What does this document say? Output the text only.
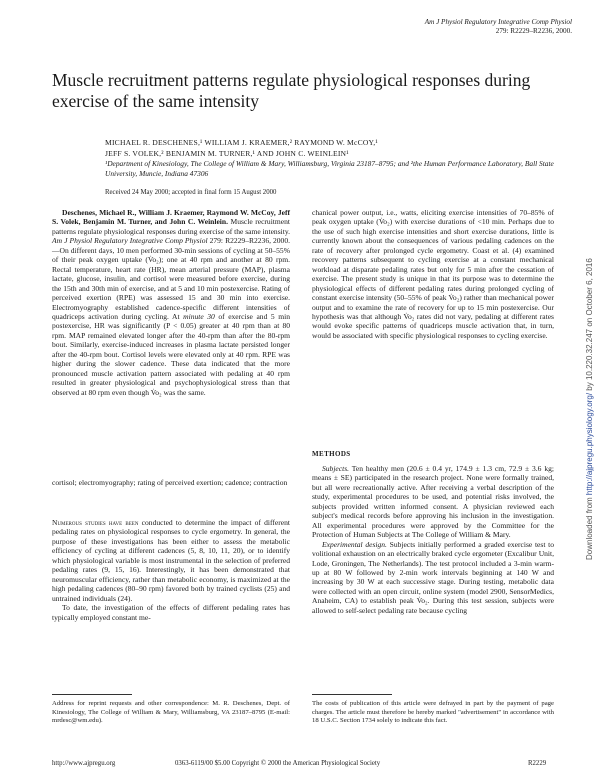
Am J Physiol Regulatory Integrative Comp Physiol
279: R2229–R2236, 2000.
Muscle recruitment patterns regulate physiological responses during exercise of the same intensity
MICHAEL R. DESCHENES,¹ WILLIAM J. KRAEMER,² RAYMOND W. McCOY,¹
JEFF S. VOLEK,² BENJAMIN M. TURNER,¹ AND JOHN C. WEINLEIN¹
¹Department of Kinesiology, The College of William & Mary, Williamsburg, Virginia 23187–8795; and ²the Human Performance Laboratory, Ball State University, Muncie, Indiana 47306
Received 24 May 2000; accepted in final form 15 August 2000

Deschenes, Michael R., William J. Kraemer, Raymond W. McCoy, Jeff S. Volek, Benjamin M. Turner, and John C. Weinlein. Muscle recruitment patterns regulate physiological responses during exercise of the same intensity. Am J Physiol Regulatory Integrative Comp Physiol 279: R2229–R2236, 2000.—On different days, 10 men performed 30-min sessions of cycling at 50–55% of their peak oxygen uptake (V̇o₂); one at 40 rpm and another at 80 rpm. Rectal temperature, heart rate (HR), mean arterial pressure (MAP), plasma lactate, glucose, insulin, and cortisol were measured before exercise, during the 15th and 30th min of exercise, and at 5 and 10 min postexercise. Rating of perceived exertion (RPE) was assessed 15 and 30 min into exercise. Electromyography established cadence-specific different intensities of quadriceps activation during cycling. At minute 30 of exercise and 5 min postexercise, HR was significantly (P < 0.05) greater at 40 rpm than at 80 rpm. MAP remained elevated longer after the 40-rpm than after the 80-rpm bout. Similarly, exercise-induced increases in plasma lactate persisted longer after the 40-rpm bout. Cortisol levels were elevated only at 40 rpm. RPE was higher during the slower cadence. These data indicated that the more pronounced muscle activation pattern associated with pedaling at 40 rpm resulted in greater physiological and psychophysiological stress than that observed at 80 rpm even though V̇o₂ was the same.

cortisol; electromyography; rating of perceived exertion; cadence; contraction

Numerous studies have been conducted to determine the impact of different pedaling rates on physiological responses to cycle ergometry. In general, the purpose of these investigations has been either to assess the metabolic efficiency of cycling at different cadences (5, 8, 10, 11, 20), or to identify which physiological variable is most instrumental in the selection of preferred pedaling rates (9, 15, 16). Interestingly, it has been demonstrated that neuromuscular efficiency, rather than metabolic economy, is maximized at the high pedaling cadences (80–90 rpm) favored both by trained cyclists (25) and untrained individuals (24).

To date, the investigation of the effects of different pedaling rates has typically employed constant me-

chanical power output, i.e., watts, eliciting exercise intensities of 70–85% of peak oxygen uptake (V̇o₂) with exercise durations of <10 min. Perhaps due to the use of such high exercise intensities and short exercise durations, little is currently known about the consequences of various pedaling cadences on the rate of recovery after prolonged cycle ergometry. Coast et al. (4) examined recovery patterns subsequent to cycling exercise at a constant mechanical workload at disparate pedaling rates but only for 5 min after the cessation of exercise. The present study is unique in that its purpose was to determine the physiological effects of different pedaling rates during prolonged cycling of constant exercise intensity (50–55% of peak V̇o₂) rather than mechanical power output and to examine the rate of recovery for up to 15 min postexercise. Our hypothesis was that although V̇o₂ rates did not vary, pedaling at different rates would evoke specific patterns of quadriceps muscle activation that, in turn, would be associated with specific physiological responses to cycling exercise.

METHODS

Subjects. Ten healthy men (20.6 ± 0.4 yr, 174.9 ± 1.3 cm, 72.9 ± 3.6 kg; means ± SE) participated in the research project. None were formally trained, but all were recreationally active. After receiving a verbal description of the study, experimental procedures to be used, and potential risks involved, the subjects provided written informed consent. A physician reviewed each subject's medical records before approving his inclusion in the investigation. All experimental procedures were approved by the Committee for the Protection of Human Subjects at The College of William & Mary.

Experimental design. Subjects initially performed a graded exercise test to volitional exhaustion on an electrically braked cycle ergometer (Excalibur Unit, Lode, Groningen, The Netherlands). The test protocol included a 3-min warm-up at 80 W followed by 2-min work intervals beginning at 140 W and increasing by 30 W at each successive stage. During testing, metabolic data were collected with an open circuit, online system (model 2900, SensorMedics, Anaheim, CA) to establish peak V̇o₂. During this test session, subjects were allowed to self-select pedaling rate because cycling

Address for reprint requests and other correspondence: M. R. Deschenes, Dept. of Kinesiology, The College of William & Mary, Williamsburg, VA 23187–8795 (E-mail: mrdesc@wm.edu).
The costs of publication of this article were defrayed in part by the payment of page charges. The article must therefore be hereby marked "advertisement" in accordance with 18 U.S.C. Section 1734 solely to indicate this fact.
http://www.ajpregu.org	0363-6119/00 $5.00 Copyright © 2000 the American Physiological Society	R2229
Downloaded from http://ajpregu.physiology.org/ by 10.220.32.247 on October 6, 2016
